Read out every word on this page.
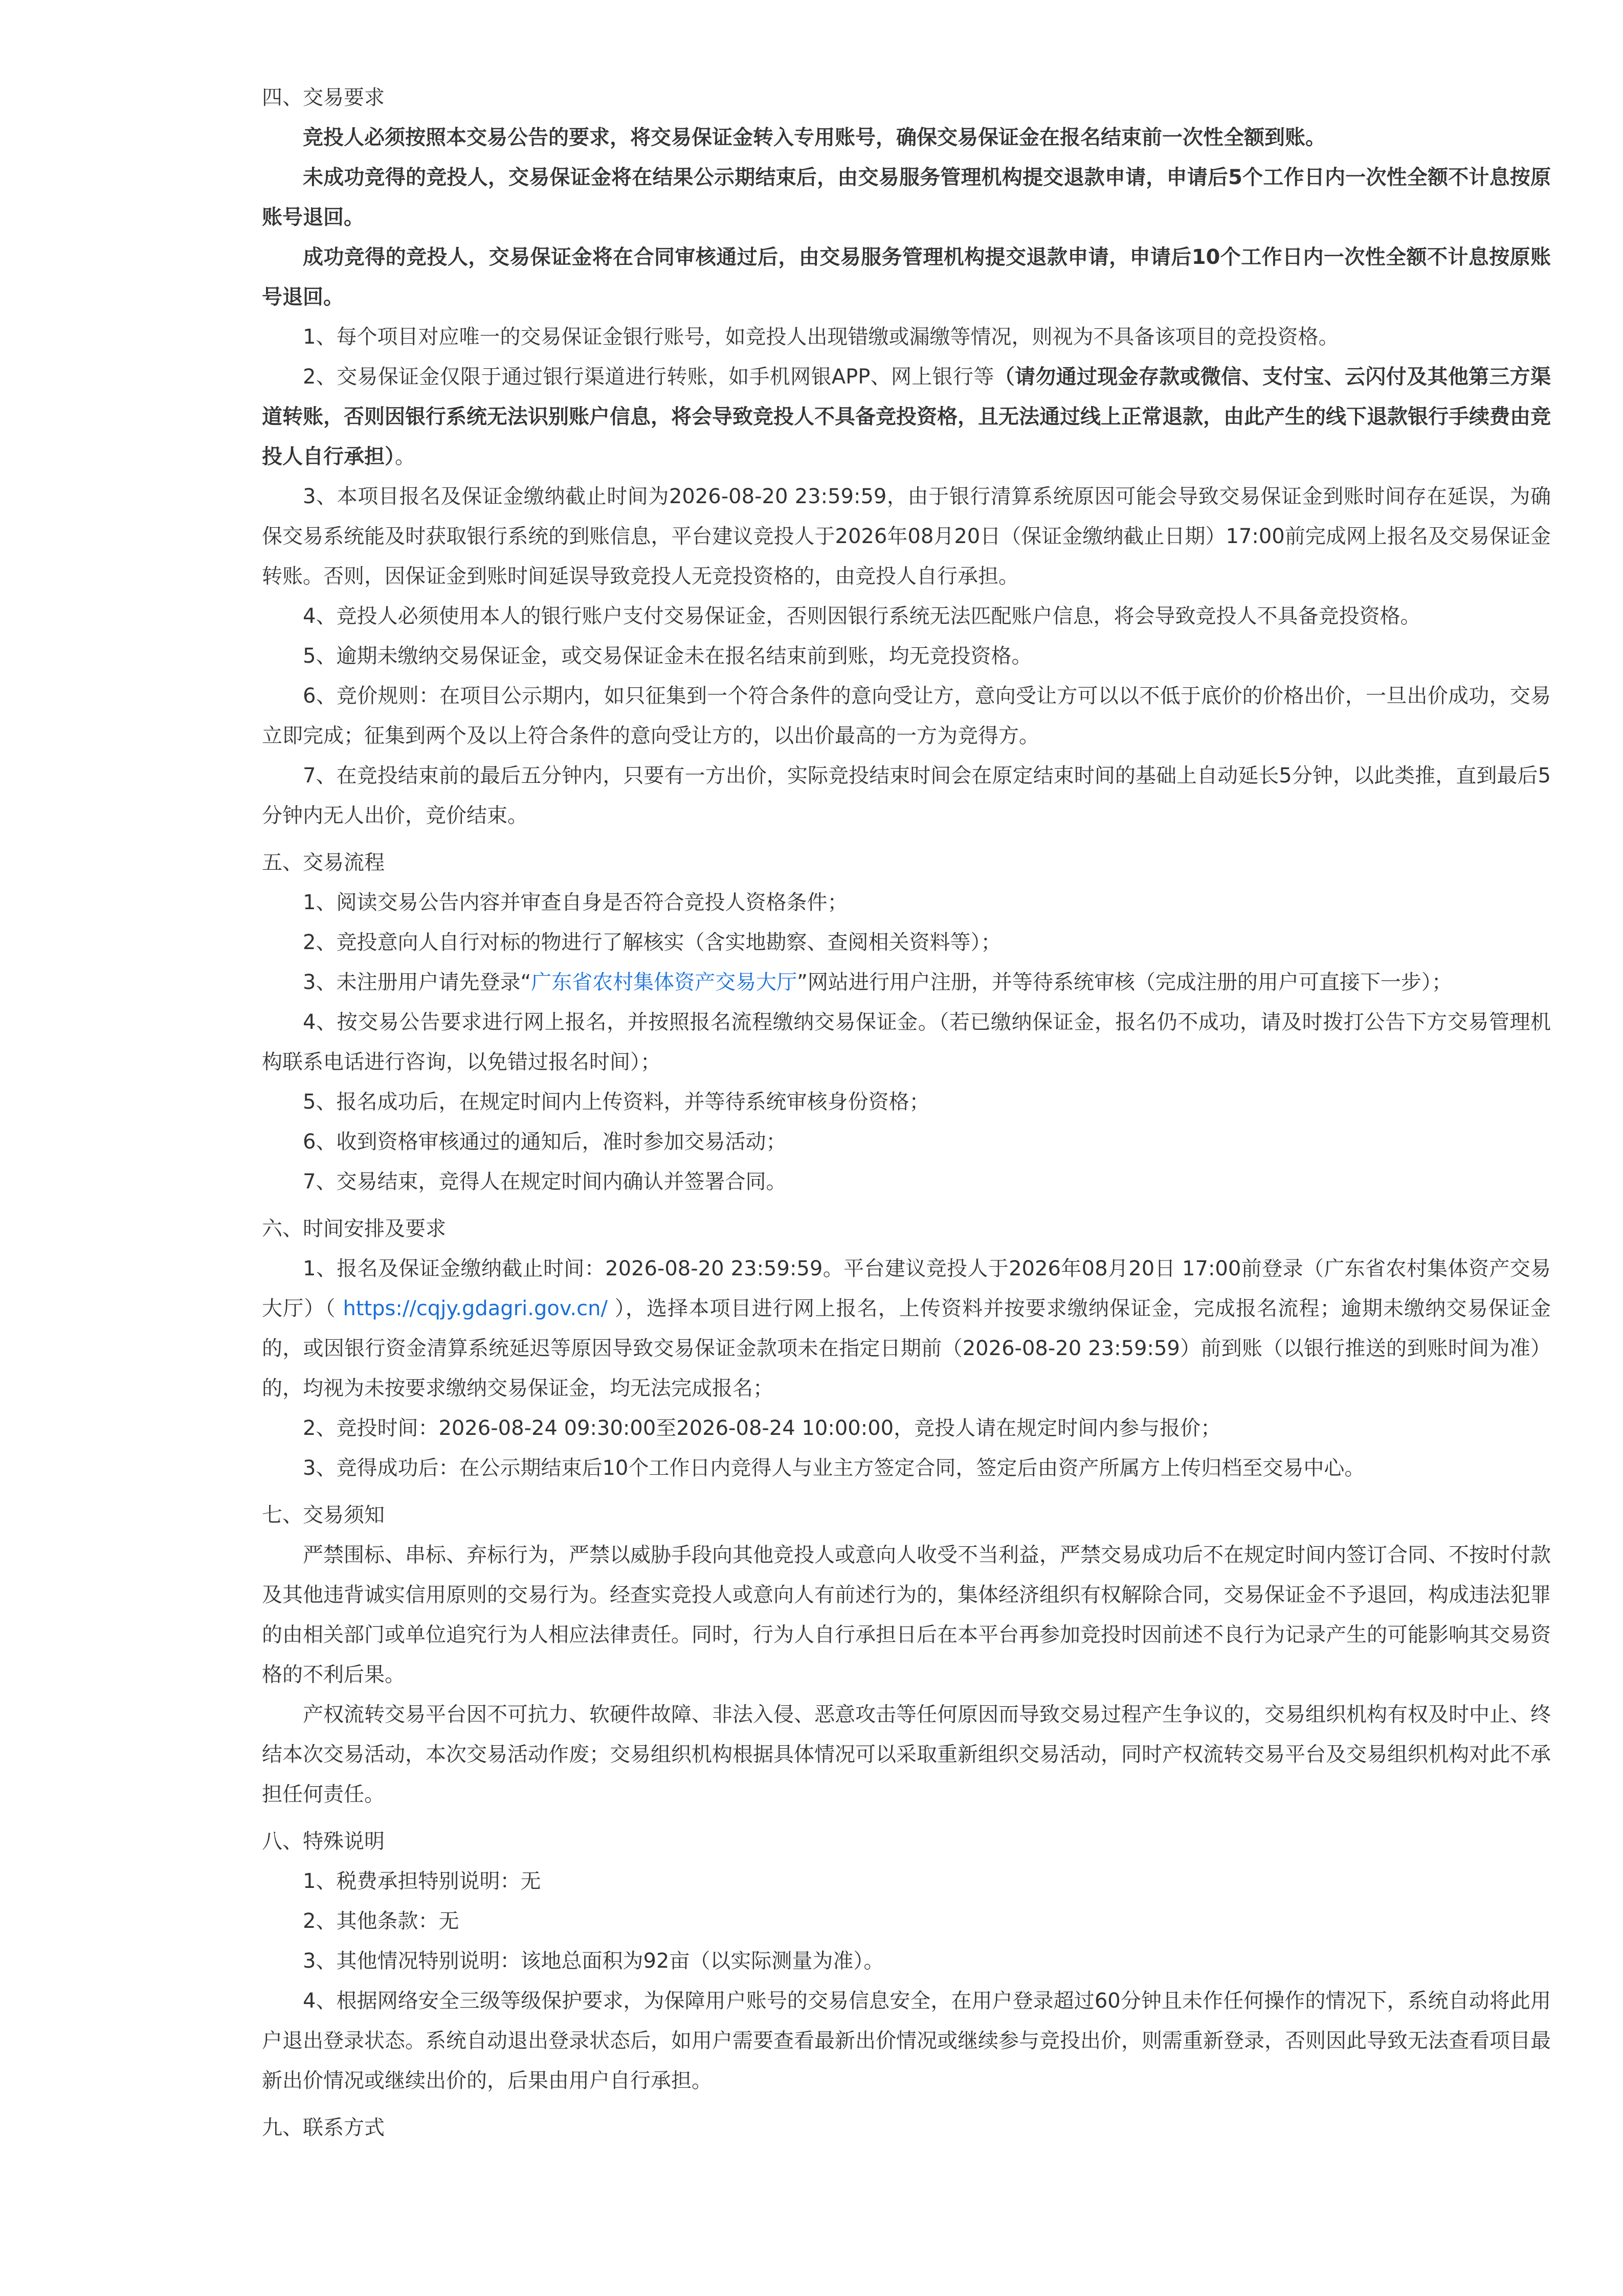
四、交易要求

竞投人必须按照本交易公告的要求，将交易保证金转入专用账号，确保交易保证金在报名结束前一次性全额到账。

未成功竞得的竞投人，交易保证金将在结果公示期结束后，由交易服务管理机构提交退款申请，申请后5个工作日内一次性全额不计息按原账号退回。

成功竞得的竞投人，交易保证金将在合同审核通过后，由交易服务管理机构提交退款申请，申请后10个工作日内一次性全额不计息按原账号退回。

1、每个项目对应唯一的交易保证金银行账号，如竞投人出现错缴或漏缴等情况，则视为不具备该项目的竞投资格。

2、交易保证金仅限于通过银行渠道进行转账，如手机网银APP、网上银行等（请勿通过现金存款或微信、支付宝、云闪付及其他第三方渠道转账，否则因银行系统无法识别账户信息，将会导致竞投人不具备竞投资格，且无法通过线上正常退款，由此产生的线下退款银行手续费由竞投人自行承担）。

3、本项目报名及保证金缴纳截止时间为2026-08-20 23:59:59，由于银行清算系统原因可能会导致交易保证金到账时间存在延误，为确保交易系统能及时获取银行系统的到账信息，平台建议竞投人于2026年08月20日（保证金缴纳截止日期）17:00前完成网上报名及交易保证金转账。否则，因保证金到账时间延误导致竞投人无竞投资格的，由竞投人自行承担。

4、竞投人必须使用本人的银行账户支付交易保证金，否则因银行系统无法匹配账户信息，将会导致竞投人不具备竞投资格。

5、逾期未缴纳交易保证金，或交易保证金未在报名结束前到账，均无竞投资格。

6、竞价规则：在项目公示期内，如只征集到一个符合条件的意向受让方，意向受让方可以以不低于底价的价格出价，一旦出价成功，交易立即完成；征集到两个及以上符合条件的意向受让方的，以出价最高的一方为竞得方。

7、在竞投结束前的最后五分钟内，只要有一方出价，实际竞投结束时间会在原定结束时间的基础上自动延长5分钟，以此类推，直到最后5分钟内无人出价，竞价结束。

五、交易流程

1、阅读交易公告内容并审查自身是否符合竞投人资格条件；

2、竞投意向人自行对标的物进行了解核实（含实地勘察、查阅相关资料等）；

3、未注册用户请先登录“广东省农村集体资产交易大厅”网站进行用户注册，并等待系统审核（完成注册的用户可直接下一步）；

4、按交易公告要求进行网上报名，并按照报名流程缴纳交易保证金。（若已缴纳保证金，报名仍不成功，请及时拨打公告下方交易管理机构联系电话进行咨询，以免错过报名时间）；

5、报名成功后，在规定时间内上传资料，并等待系统审核身份资格；

6、收到资格审核通过的通知后，准时参加交易活动；

7、交易结束，竞得人在规定时间内确认并签署合同。

六、时间安排及要求

1、报名及保证金缴纳截止时间：2026-08-20 23:59:59。平台建议竞投人于2026年08月20日 17:00前登录（广东省农村集体资产交易大厅）（ https://cqjy.gdagri.gov.cn/ ），选择本项目进行网上报名，上传资料并按要求缴纳保证金，完成报名流程；逾期未缴纳交易保证金的，或因银行资金清算系统延迟等原因导致交易保证金款项未在指定日期前（2026-08-20 23:59:59）前到账（以银行推送的到账时间为准）的，均视为未按要求缴纳交易保证金，均无法完成报名；

2、竞投时间：2026-08-24 09:30:00至2026-08-24 10:00:00，竞投人请在规定时间内参与报价；

3、竞得成功后：在公示期结束后10个工作日内竞得人与业主方签定合同，签定后由资产所属方上传归档至交易中心。

七、交易须知

严禁围标、串标、弃标行为，严禁以威胁手段向其他竞投人或意向人收受不当利益，严禁交易成功后不在规定时间内签订合同、不按时付款及其他违背诚实信用原则的交易行为。经查实竞投人或意向人有前述行为的，集体经济组织有权解除合同，交易保证金不予退回，构成违法犯罪的由相关部门或单位追究行为人相应法律责任。同时，行为人自行承担日后在本平台再参加竞投时因前述不良行为记录产生的可能影响其交易资格的不利后果。

产权流转交易平台因不可抗力、软硬件故障、非法入侵、恶意攻击等任何原因而导致交易过程产生争议的，交易组织机构有权及时中止、终结本次交易活动，本次交易活动作废；交易组织机构根据具体情况可以采取重新组织交易活动，同时产权流转交易平台及交易组织机构对此不承担任何责任。

八、特殊说明

1、税费承担特别说明：无

2、其他条款：无

3、其他情况特别说明：该地总面积为92亩（以实际测量为准）。

4、根据网络安全三级等级保护要求，为保障用户账号的交易信息安全，在用户登录超过60分钟且未作任何操作的情况下，系统自动将此用户退出登录状态。系统自动退出登录状态后，如用户需要查看最新出价情况或继续参与竞投出价，则需重新登录，否则因此导致无法查看项目最新出价情况或继续出价的，后果由用户自行承担。

九、联系方式
